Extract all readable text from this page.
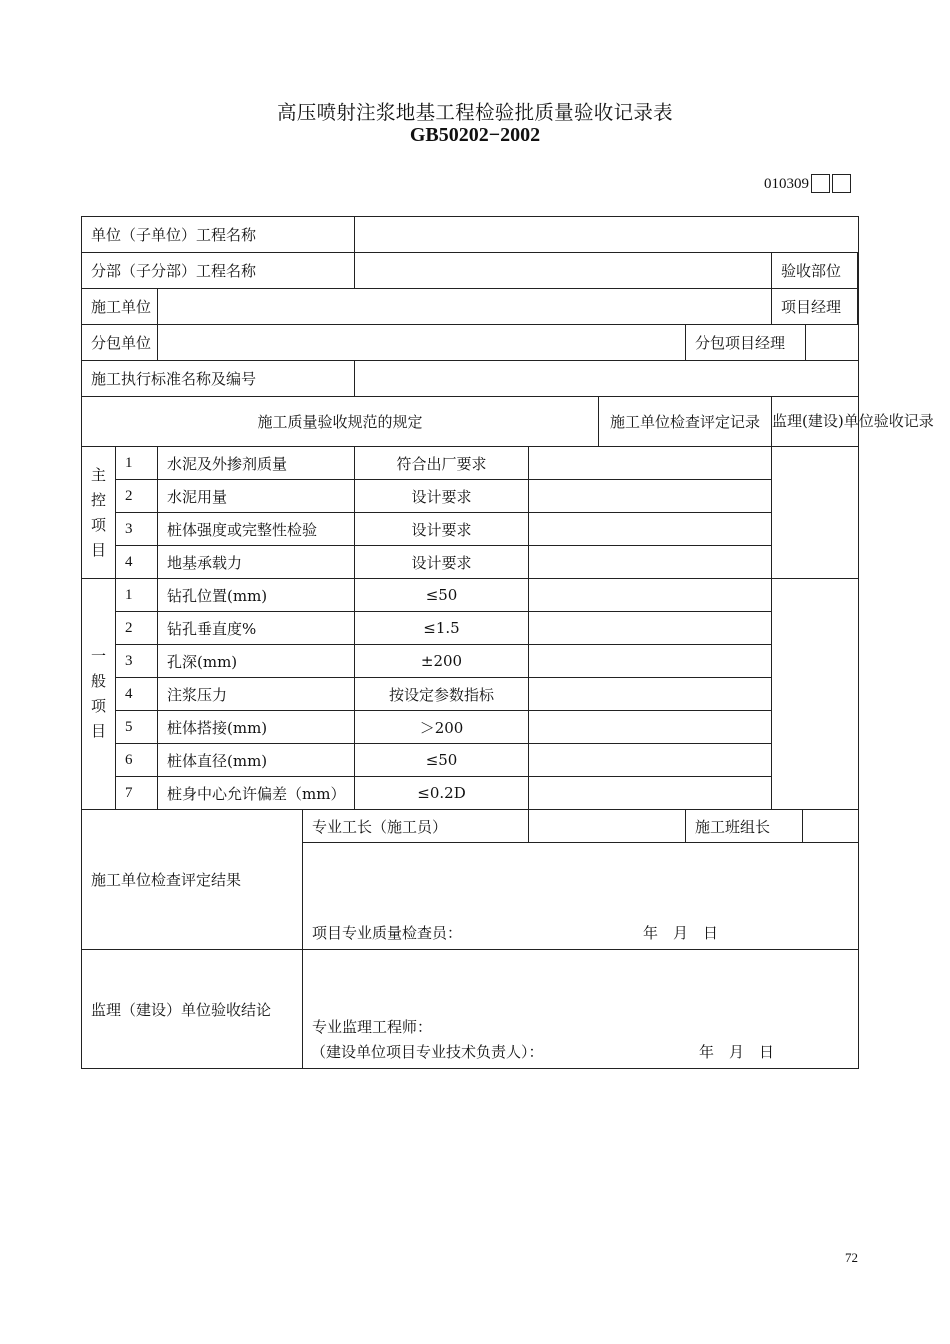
高压喷射注浆地基工程检验批质量验收记录表
GB50202−2002
010309
单位（子单位）工程名称									
分部（子分部）工程名称								验收部位	

施工单位								项目经理	

分包单位							分包项目经理		

施工执行标准名称及编号									
施工质量验收规范的规定						施工单位检查评定记录		监理(建设)单位验收记录	

主
控
项
目	1	水泥及外掺剂质量		符合出厂要求					
	2	水泥用量		设计要求					
	3	桩体强度或完整性检验		设计要求					
	4	地基承载力		设计要求					

一
般
项
目	1	钻孔位置(mm)		≤50					
	2	钻孔垂直度%		≤1.5					
	3	孔深(mm)		±200					
	4	注浆压力		按设定参数指标					
	5	桩体搭接(mm)		＞200					
	6	桩体直径(mm)		≤50					
	7	桩身中心允许偏差（mm）		≤0.2D					
施工单位检查评定结果			专业工长（施工员）				施工班组长		

			项目专业质量检查员： 年　月　日						

监理（建设）单位验收结论			专业监理工程师：
（建设单位项目专业技术负责人）： 年　月　日						
72
